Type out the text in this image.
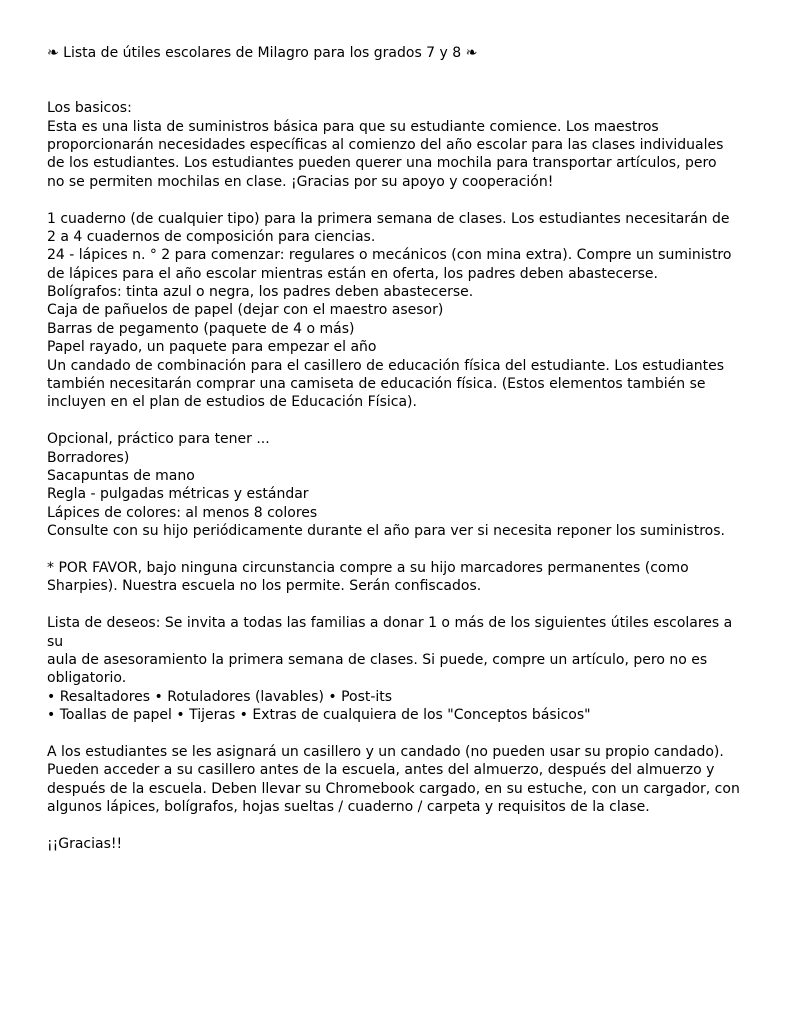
❧ Lista de útiles escolares de Milagro para los grados 7 y 8 ❧
Los basicos:
Esta es una lista de suministros básica para que su estudiante comience. Los maestros
proporcionarán necesidades específicas al comienzo del año escolar para las clases individuales
de los estudiantes. Los estudiantes pueden querer una mochila para transportar artículos, pero
no se permiten mochilas en clase. ¡Gracias por su apoyo y cooperación!
1 cuaderno (de cualquier tipo) para la primera semana de clases. Los estudiantes necesitarán de
2 a 4 cuadernos de composición para ciencias.
24 - lápices n. ° 2 para comenzar: regulares o mecánicos (con mina extra). Compre un suministro
de lápices para el año escolar mientras están en oferta, los padres deben abastecerse.
Bolígrafos: tinta azul o negra, los padres deben abastecerse.
Caja de pañuelos de papel (dejar con el maestro asesor)
Barras de pegamento (paquete de 4 o más)
Papel rayado, un paquete para empezar el año
Un candado de combinación para el casillero de educación física del estudiante. Los estudiantes
también necesitarán comprar una camiseta de educación física. (Estos elementos también se
incluyen en el plan de estudios de Educación Física).
Opcional, práctico para tener ...
Borradores)
Sacapuntas de mano
Regla - pulgadas métricas y estándar
Lápices de colores: al menos 8 colores
Consulte con su hijo periódicamente durante el año para ver si necesita reponer los suministros.
* POR FAVOR, bajo ninguna circunstancia compre a su hijo marcadores permanentes (como
Sharpies). Nuestra escuela no los permite. Serán confiscados.
Lista de deseos: Se invita a todas las familias a donar 1 o más de los siguientes útiles escolares a
su
aula de asesoramiento la primera semana de clases. Si puede, compre un artículo, pero no es
obligatorio.
• Resaltadores • Rotuladores (lavables) • Post-its
• Toallas de papel • Tijeras • Extras de cualquiera de los "Conceptos básicos"
A los estudiantes se les asignará un casillero y un candado (no pueden usar su propio candado).
Pueden acceder a su casillero antes de la escuela, antes del almuerzo, después del almuerzo y
después de la escuela. Deben llevar su Chromebook cargado, en su estuche, con un cargador, con
algunos lápices, bolígrafos, hojas sueltas / cuaderno / carpeta y requisitos de la clase.
¡¡Gracias!!
